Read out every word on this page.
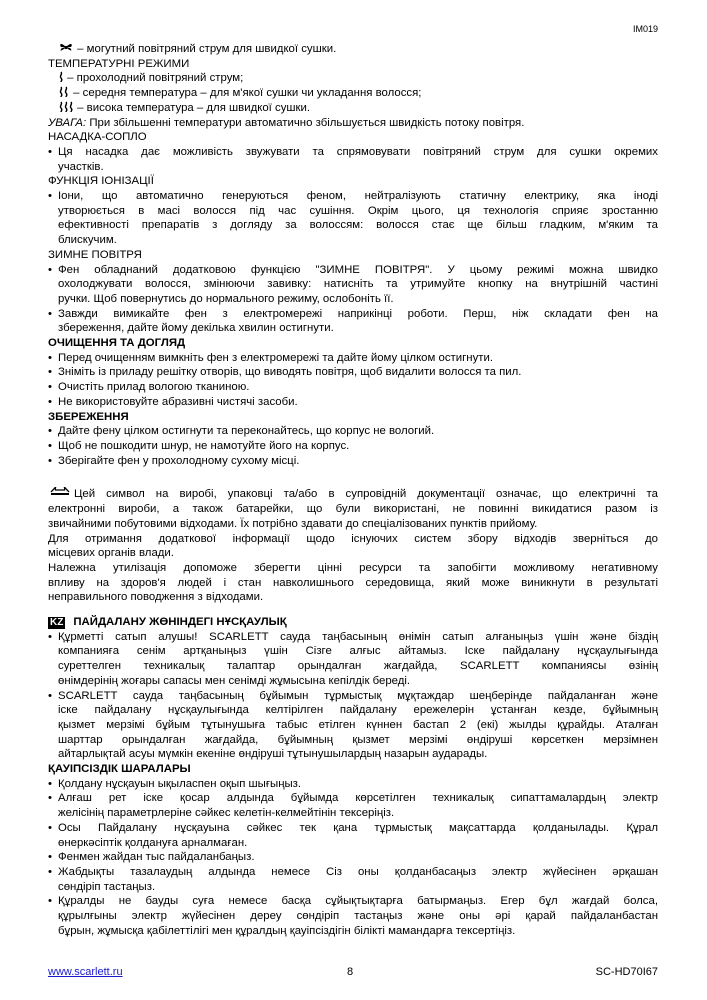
IM019
– могутний повітряний струм для швидкої сушки.
ТЕМПЕРАТУРНІ РЕЖИМИ
– прохолодний повітряний струм;
– середня температура – для м'якої сушки чи укладання волосся;
– висока температура – для швидкої сушки.
УВАГА: При збільшенні температури автоматично збільшується швидкість потоку повітря.
НАСАДКА-СОПЛО
• Ця насадка дає можливість звужувати та спрямовувати повітряний струм для сушки окремих
участків.
ФУНКЦІЯ ІОНІЗАЦІЇ
• Іони, що автоматично генеруються феном, нейтралізують статичну електрику, яка іноді
утворюється в масі волосся під час сушіння. Окрім цього, ця технологія сприяє зростанню
ефективності препаратів з догляду за волоссям: волосся стає ще більш гладким, м'яким та
блискучим.
ЗИМНЕ ПОВІТРЯ
• Фен обладнаний додатковою функцією "ЗИМНЕ ПОВІТРЯ". У цьому режимі можна швидко
охолоджувати волосся, змінюючи завивку: натисніть та утримуйте кнопку на внутрішній частині
ручки. Щоб повернутись до нормального режиму, ослобоніть її.
• Завжди вимикайте фен з електромережі наприкінці роботи. Перш, ніж складати фен на
збереження, дайте йому декілька хвилин остигнути.
ОЧИЩЕННЯ ТА ДОГЛЯД
• Перед очищенням вимкніть фен з електромережі та дайте йому цілком остигнути.
• Зніміть із приладу решітку отворів, що виводять повітря, щоб видалити волосся та пил.
• Очистіть прилад вологою тканиною.
• Не використовуйте абразивні чистячі засоби.
ЗБЕРЕЖЕННЯ
• Дайте фену цілком остигнути та переконайтесь, що корпус не вологий.
• Щоб не пошкодити шнур, не намотуйте його на корпус.
• Зберігайте фен у прохолодному сухому місці.
Цей символ на виробі, упаковці та/або в супровідній документації означає, що електричні та
електронні вироби, а також батарейки, що були використані, не повинні викидатися разом із
звичайними побутовими відходами. Їх потрібно здавати до спеціалізованих пунктів прийому.
Для отримання додаткової інформації щодо існуючих систем збору відходів зверніться до
місцевих органів влади.
Належна утилізація допоможе зберегти цінні ресурси та запобігти можливому негативному
впливу на здоров'я людей і стан навколишнього середовища, який може виникнути в результаті
неправильного поводження з відходами.
KZ ПАЙДАЛАНУ ЖӨНІНДЕГІ НҰСҚАУЛЫҚ
• Құрметті сатып алушы! SCARLETT сауда таңбасының өнімін сатып алғаныңыз үшін және біздің
компанияға сенім артқаныңыз үшін Сізге алғыс айтамыз. Іске пайдалану нұсқаулығында
суреттелген техникалық талаптар орындалған жағдайда, SCARLETT компаниясы өзінің
өнімдерінің жоғары сапасы мен сенімді жұмысына кепілдік береді.
• SCARLETT сауда таңбасының бұйымын тұрмыстық мұқтаждар шеңберінде пайдаланған және
іске пайдалану нұсқаулығында келтірілген пайдалану ережелерін ұстанған кезде, бұйымның
қызмет мерзімі бұйым тұтынушыға табыс етілген күннен бастап 2 (екі) жылды құрайды. Аталған
шарттар орындалған жағдайда, бұйымның қызмет мерзімі өндіруші көрсеткен мерзімнен
айтарлықтай асуы мүмкін екеніне өндіруші тұтынушылардың назарын аударады.
ҚАУІПСІЗДІК ШАРАЛАРЫ
• Қолдану нұсқауын ықыласпен оқып шығыңыз.
• Алғаш рет іске қосар алдында бұйымда көрсетілген техникалық сипаттамалардың электр
желісінің параметрлеріне сәйкес келетін-келмейтінін тексеріңіз.
• Осы Пайдалану нұсқауына сәйкес тек қана тұрмыстық мақсаттарда қолданылады. Құрал
өнеркәсіптік қолдануға арналмаған.
• Фенмен жайдан тыс пайдаланбаңыз.
• Жабдықты тазалаудың алдында немесе Сіз оны қолданбасаңыз электр жүйесінен әрқашан
сөндіріп тастаңыз.
• Құралды не бауды суға немесе басқа сұйықтықтарға батырмаңыз. Егер бұл жағдай болса,
құрылғыны электр жүйесінен дереу сөндіріп тастаңыз және оны әрі қарай пайдаланбастан
бұрын, жұмысқа қабілеттілігі мен құралдың қауіпсіздігін білікті мамандарға тексертіңіз.
www.scarlett.ru	8	SC-HD70I67
